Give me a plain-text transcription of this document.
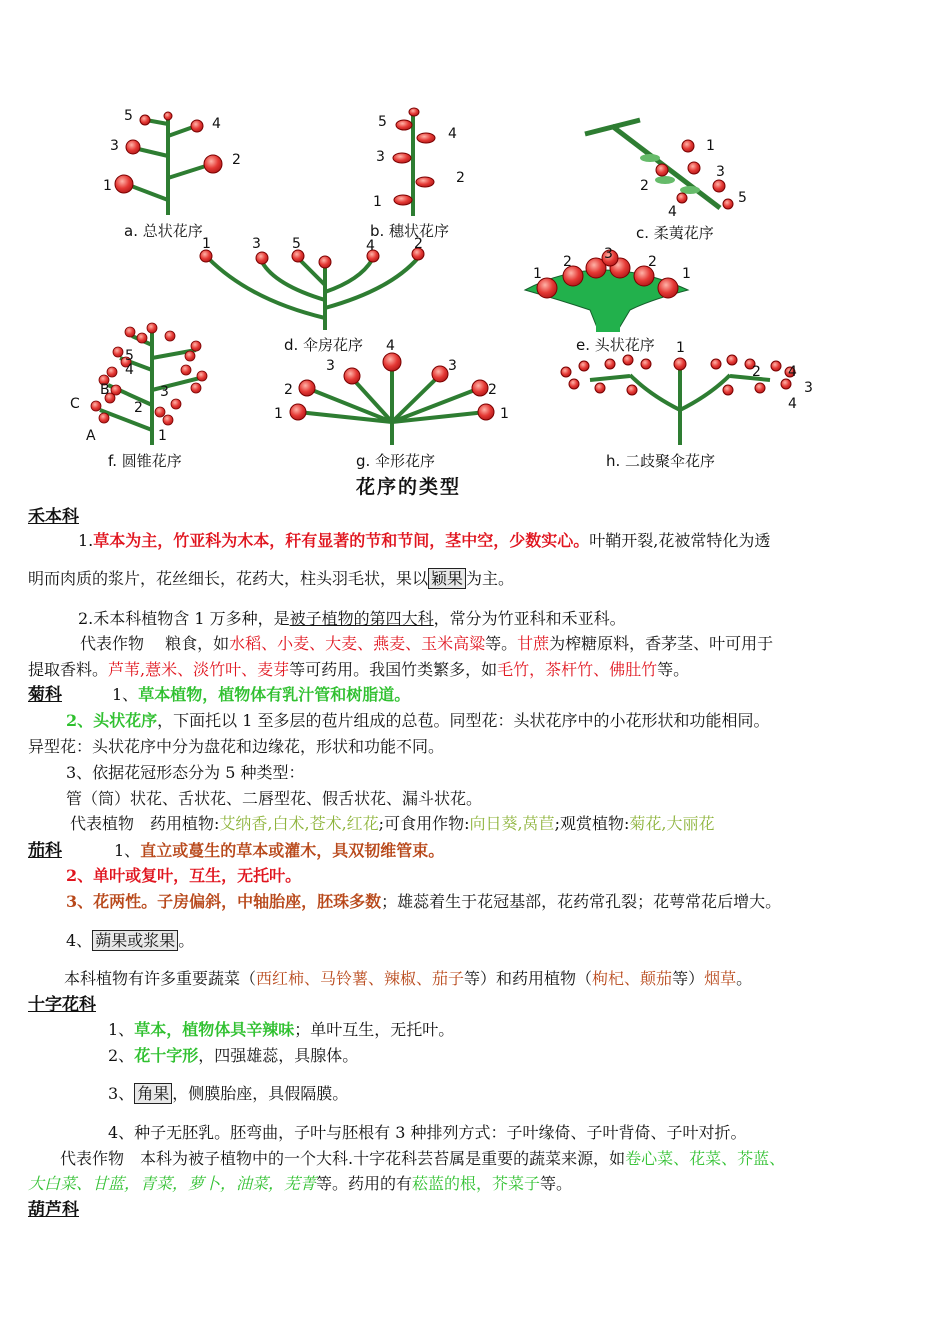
5	4
3
2
1
5
4
3
2
1
1
3
2
5
4
1	3 5	4	2
1
2 3	2
1
5
4
B
C
3
2
A	1
1
2
3
4
3
2
1
1
2 4
3
4
a. 总状花序	b. 穗状花序	c. 柔荑花序
d. 伞房花序	e. 头状花序
f. 圆锥花序	g. 伞形花序	h. 二歧聚伞花序
花序的类型
禾本科
1.草本为主，竹亚科为木本，秆有显著的节和节间，茎中空，少数实心。叶鞘开裂,花被常特化为透
明而肉质的浆片，花丝细长，花药大，柱头羽毛状，果以 颖果 为主。
2.禾本科植物含 1 万多种，是被子植物的第四大科，常分为竹亚科和禾亚科。
代表作物　 粮食，如水稻、小麦、大麦、燕麦、玉米高粱等。甘蔗为榨糖原料，香茅茎、叶可用于
提取香料。芦苇,薏米、淡竹叶、麦芽等可药用。我国竹类繁多，如毛竹，茶杆竹、佛肚竹等。
菊科	1、草本植物，植物体有乳汁管和树脂道。
2、头状花序，下面托以 1 至多层的苞片组成的总苞。同型花：头状花序中的小花形状和功能相同。
异型花：头状花序中分为盘花和边缘花，形状和功能不同。
3、依据花冠形态分为 5 种类型：
管（筒）状花、舌状花、二唇型花、假舌状花、漏斗状花。
代表植物　药用植物:艾纳香,白术,苍术,红花;可食用作物:向日葵,莴苣;观赏植物:菊花,大丽花
茄科	1、直立或蔓生的草本或灌木，具双韧维管束。
2、单叶或复叶，互生，无托叶。
3、花两性。子房偏斜，中轴胎座，胚珠多数；雄蕊着生于花冠基部，花药常孔裂；花萼常花后增大。
4、 蒴果或浆果 。
本科植物有许多重要蔬菜（西红柿、马铃薯、辣椒、茄子等）和药用植物（枸杞、颠茄等）烟草。
十字花科
1、草本，植物体具辛辣味；单叶互生，无托叶。
2、花十字形，四强雄蕊，具腺体。
3、 角果 ，侧膜胎座，具假隔膜。
4、种子无胚乳。胚弯曲，子叶与胚根有 3 种排列方式：子叶缘倚、子叶背倚、子叶对折。
代表作物　本科为被子植物中的一个大科.十字花科芸苔属是重要的蔬菜来源，如卷心菜、花菜、芥蓝、
大白菜、甘蓝，青菜，萝卜，油菜，芜菁等。药用的有菘蓝的根，芥菜子等。
葫芦科
